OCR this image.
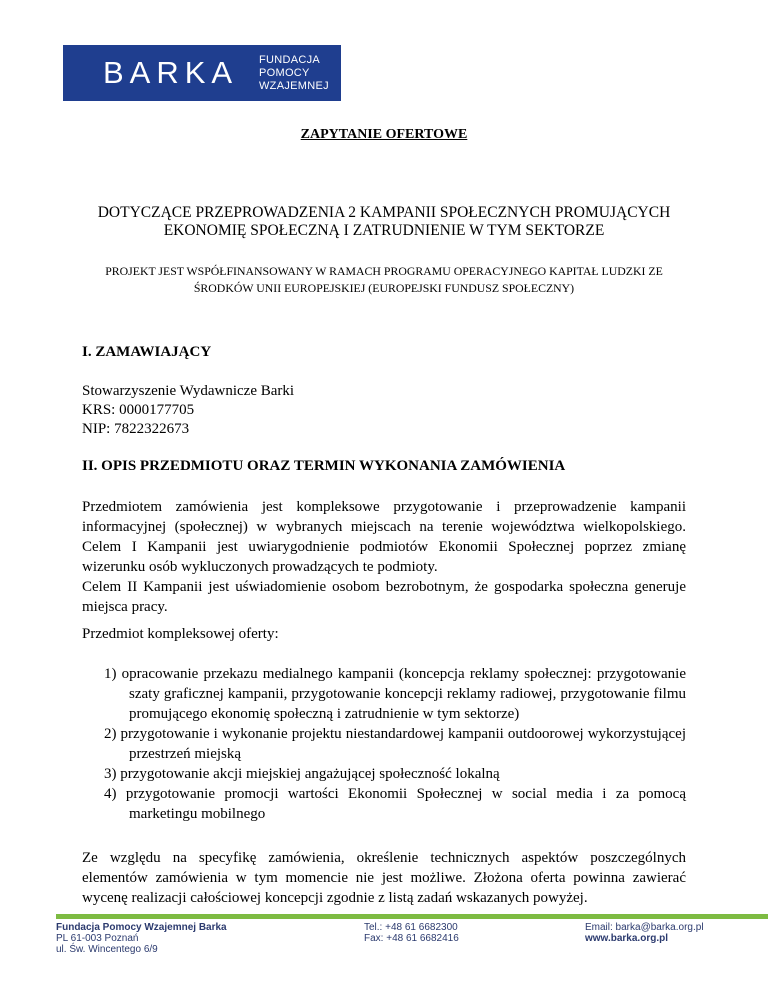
BARKA FUNDACJA
POMOCY
WZAJEMNEJ
ZAPYTANIE OFERTOWE
DOTYCZĄCE PRZEPROWADZENIA 2 KAMPANII SPOŁECZNYCH PROMUJĄCYCH EKONOMIĘ SPOŁECZNĄ I ZATRUDNIENIE W TYM SEKTORZE
PROJEKT JEST WSPÓŁFINANSOWANY W RAMACH PROGRAMU OPERACYJNEGO KAPITAŁ LUDZKI ZE ŚRODKÓW UNII EUROPEJSKIEJ (EUROPEJSKI FUNDUSZ SPOŁECZNY)
I. ZAMAWIAJĄCY
Stowarzyszenie Wydawnicze Barki
KRS: 0000177705
NIP: 7822322673
II. OPIS PRZEDMIOTU ORAZ TERMIN WYKONANIA ZAMÓWIENIA
Przedmiotem zamówienia jest kompleksowe przygotowanie i przeprowadzenie kampanii informacyjnej (społecznej) w wybranych miejscach na terenie województwa wielkopolskiego. Celem I Kampanii jest uwiarygodnienie podmiotów Ekonomii Społecznej poprzez zmianę wizerunku osób wykluczonych prowadzących te podmioty.
Celem II Kampanii jest uświadomienie osobom bezrobotnym, że gospodarka społeczna generuje miejsca pracy.
Przedmiot kompleksowej oferty:
1) opracowanie przekazu medialnego kampanii (koncepcja reklamy społecznej: przygotowanie szaty graficznej kampanii, przygotowanie koncepcji reklamy radiowej, przygotowanie filmu promującego ekonomię społeczną i zatrudnienie w tym sektorze)
2) przygotowanie i wykonanie projektu niestandardowej kampanii outdoorowej wykorzystującej przestrzeń miejską
3) przygotowanie akcji miejskiej angażującej społeczność lokalną
4) przygotowanie promocji wartości Ekonomii Społecznej w social media i za pomocą marketingu mobilnego
Ze względu na specyfikę zamówienia, określenie technicznych aspektów poszczególnych elementów zamówienia w tym momencie nie jest możliwe. Złożona oferta powinna zawierać wycenę realizacji całościowej koncepcji zgodnie z listą zadań wskazanych powyżej.
Fundacja Pomocy Wzajemnej Barka
PL 61-003 Poznań
ul. Św. Wincentego 6/9
Tel.: +48 61 6682300
Fax: +48 61 6682416
Email: barka@barka.org.pl
www.barka.org.pl
